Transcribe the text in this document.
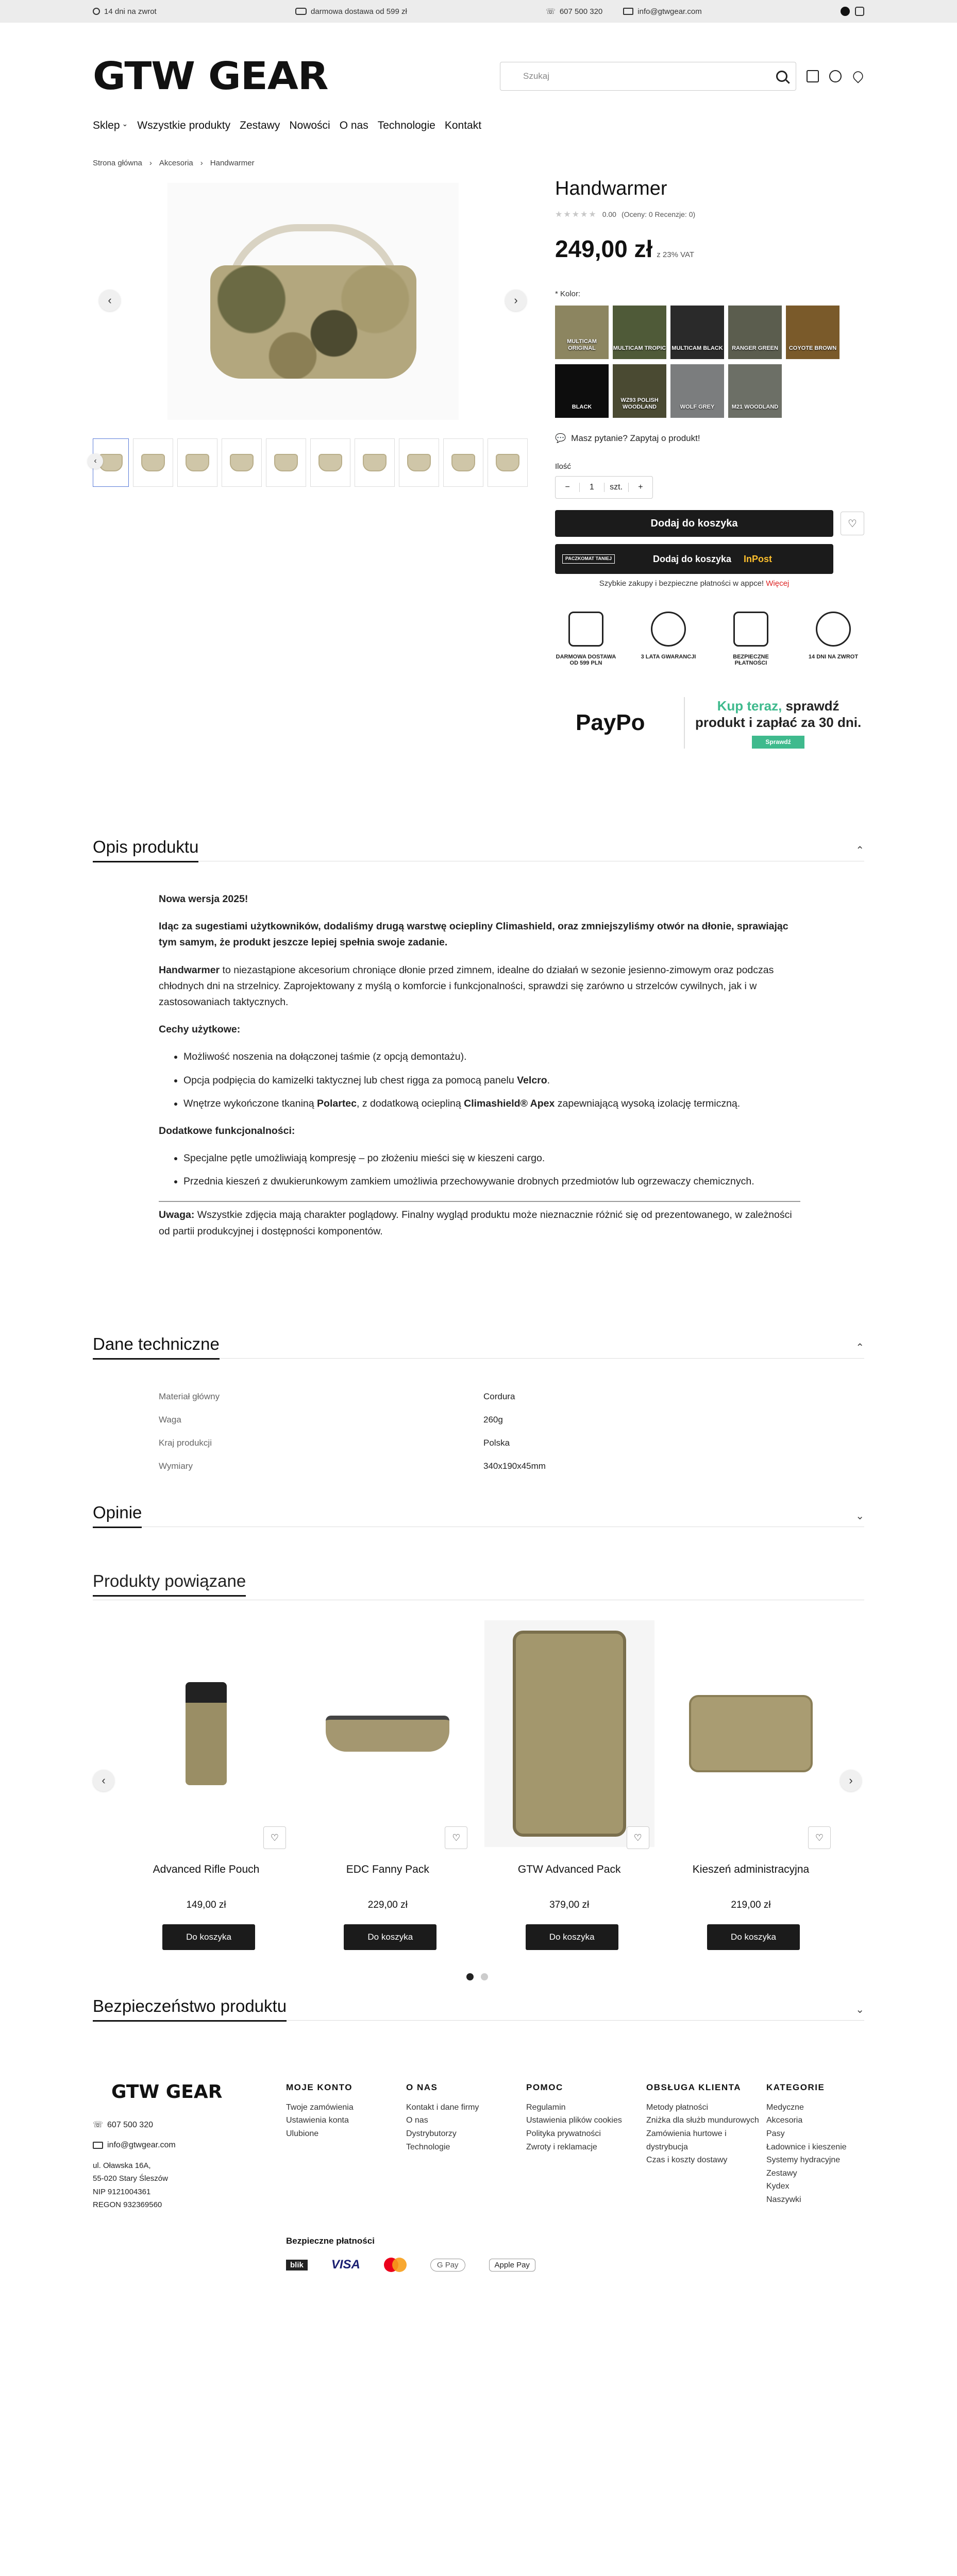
14 dni na zwrot	darmowa dostawa od 599 zł	☏ 607 500 320	info@gtwgear.com
GTW GEAR	Szukaj
Sklep ⌄ Wszystkie produkty Zestawy Nowości O nas Technologie Kontakt
Strona główna › Akcesoria › Handwarmer
‹	›
‹
Handwarmer
★★★★★ 0.00 (Oceny: 0 Recenzje: 0)
249,00 zł z 23% VAT
* Kolor:
MULTICAM ORIGINAL	MULTICAM TROPIC MULTICAM BLACK	RANGER GREEN	COYOTE BROWN
BLACK
WZ93 POLISH WOODLAND	WOLF GREY	M21 WOODLAND
💬 Masz pytanie? Zapytaj o produkt!
Ilość
−	1	szt.	+
Dodaj do koszyka	♡
PACZKOMAT TANIEJ	Dodaj do koszyka InPost
Szybkie zakupy i bezpieczne płatności w appce! Więcej
DARMOWA DOSTAWA OD 599 PLN
3 LATA GWARANCJI	BEZPIECZNE PŁATNOŚCI
14 DNI NA ZWROT
PayPo
Kup teraz, sprawdź
produkt i zapłać za 30 dni.
Sprawdź
Opis produktu	⌃

Nowa wersja 2025!

Idąc za sugestiami użytkowników, dodaliśmy drugą warstwę ociepliny Climashield, oraz zmniejszyliśmy otwór na dłonie, sprawiając tym samym, że produkt jeszcze lepiej spełnia swoje zadanie.

Handwarmer to niezastąpione akcesorium chroniące dłonie przed zimnem, idealne do działań w sezonie jesienno-zimowym oraz podczas chłodnych dni na strzelnicy. Zaprojektowany z myślą o komforcie i funkcjonalności, sprawdzi się zarówno u strzelców cywilnych, jak i w zastosowaniach taktycznych.

Cechy użytkowe:

• Możliwość noszenia na dołączonej taśmie (z opcją demontażu).
• Opcja podpięcia do kamizelki taktycznej lub chest rigga za pomocą panelu Velcro.
• Wnętrze wykończone tkaniną Polartec, z dodatkową ociepliną Climashield® Apex zapewniającą wysoką izolację termiczną.

Dodatkowe funkcjonalności:

• Specjalne pętle umożliwiają kompresję – po złożeniu mieści się w kieszeni cargo.
• Przednia kieszeń z dwukierunkowym zamkiem umożliwia przechowywanie drobnych przedmiotów lub ogrzewaczy chemicznych.

Uwaga: Wszystkie zdjęcia mają charakter poglądowy. Finalny wygląd produktu może nieznacznie różnić się od prezentowanego, w zależności od partii produkcyjnej i dostępności komponentów.

Dane techniczne	⌃
Materiał główny	Cordura
Waga	260g
Kraj produkcji	Polska
Wymiary	340x190x45mm
Opinie	⌄
Produkty powiązane
♡
Advanced Rifle Pouch
149,00 zł
Do koszyka
♡
EDC Fanny Pack
229,00 zł
Do koszyka
♡
GTW Advanced Pack
379,00 zł
Do koszyka
♡
Kieszeń administracyjna
219,00 zł
Do koszyka
‹	›
Bezpieczeństwo produktu	⌄
GTW GEAR
☏ 607 500 320
info@gtwgear.com

ul. Oławska 16A,
55-020 Stary Śleszów
NIP 9121004361
REGON 932369560

MOJE KONTO
Twoje zamówienia
Ustawienia konta
Ulubione
O NAS
Kontakt i dane firmy
O nas
Dystrybutorzy
Technologie
POMOC
Regulamin
Ustawienia plików cookies
Polityka prywatności
Zwroty i reklamacje
OBSŁUGA KLIENTA
Metody płatności
Zniżka dla służb mundurowych
Zamówienia hurtowe i dystrybucja
Czas i koszty dostawy
KATEGORIE
Medyczne
Akcesoria
Pasy
Ładownice i kieszenie
Systemy hydracyjne
Zestawy
Kydex
Naszywki
Bezpieczne płatności
blik	VISA	G Pay	Apple Pay
